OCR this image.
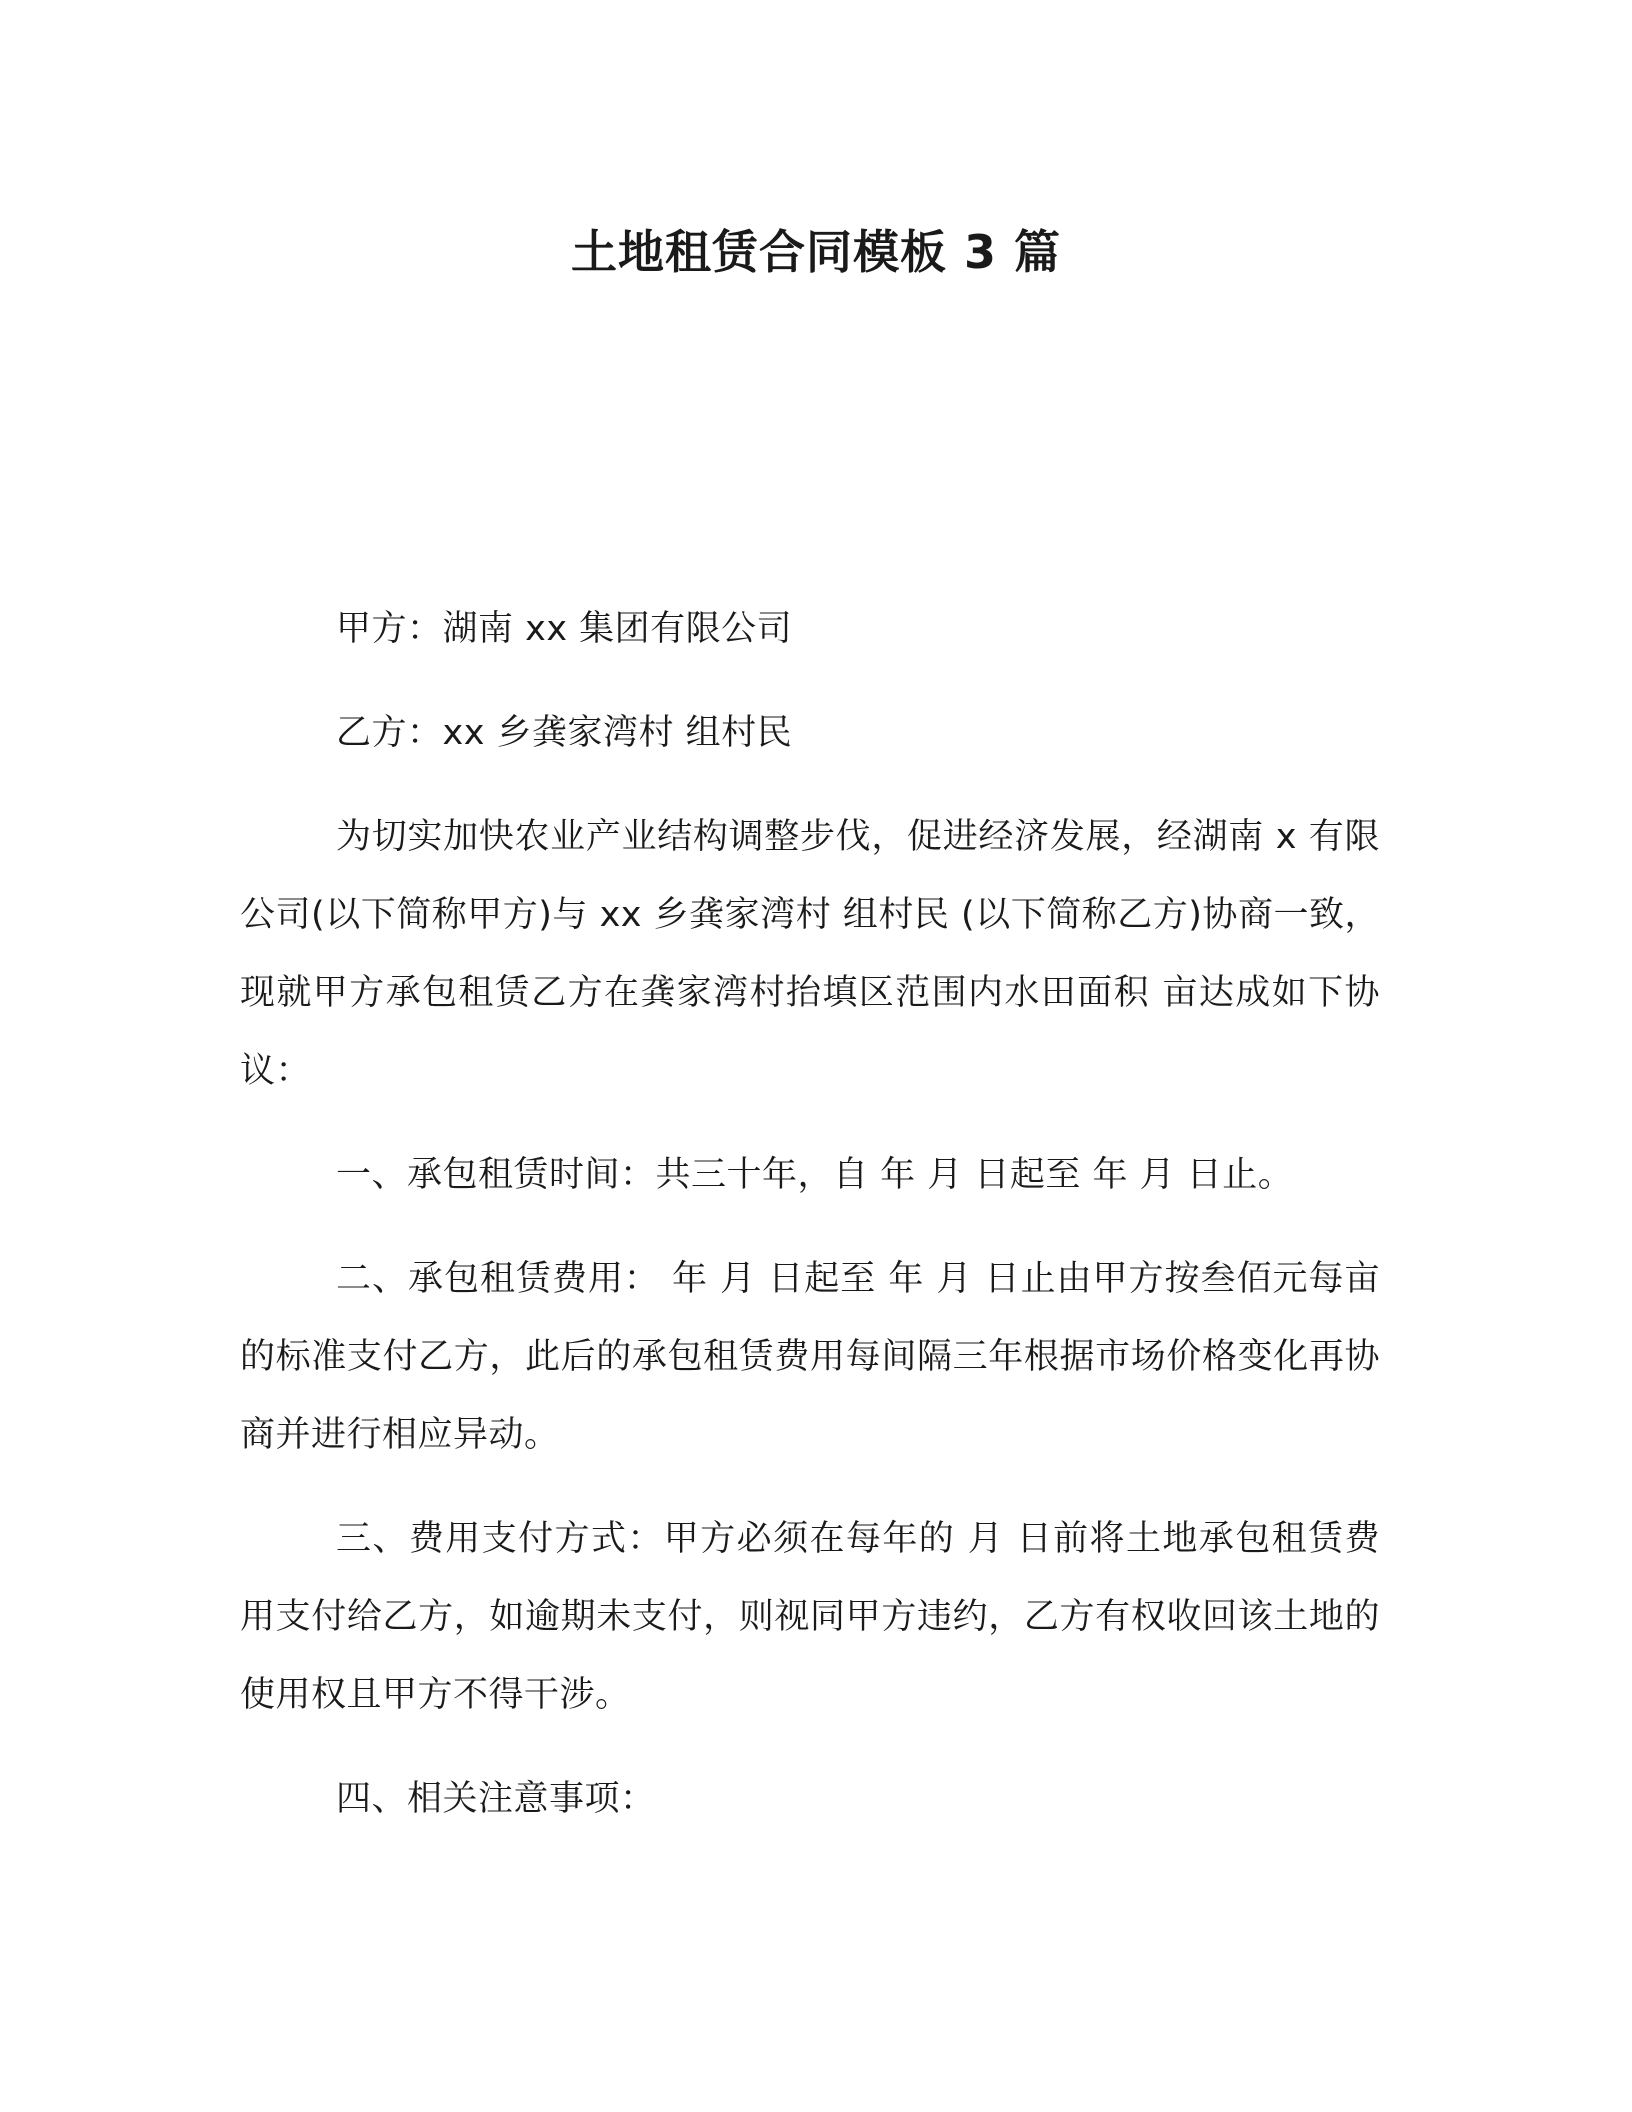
土地租赁合同模板 3 篇

甲方：湖南 xx 集团有限公司

乙方：xx 乡龚家湾村 组村民

为切实加快农业产业结构调整步伐，促进经济发展，经湖南 x 有限公司(以下简称甲方)与 xx 乡龚家湾村 组村民 (以下简称乙方)协商一致，现就甲方承包租赁乙方在龚家湾村抬填区范围内水田面积 亩达成如下协议：

一、承包租赁时间：共三十年，自 年 月 日起至 年 月 日止。

二、承包租赁费用： 年 月 日起至 年 月 日止由甲方按叁佰元每亩的标准支付乙方，此后的承包租赁费用每间隔三年根据市场价格变化再协商并进行相应异动。

三、费用支付方式：甲方必须在每年的 月 日前将土地承包租赁费用支付给乙方，如逾期未支付，则视同甲方违约，乙方有权收回该土地的使用权且甲方不得干涉。

四、相关注意事项：
